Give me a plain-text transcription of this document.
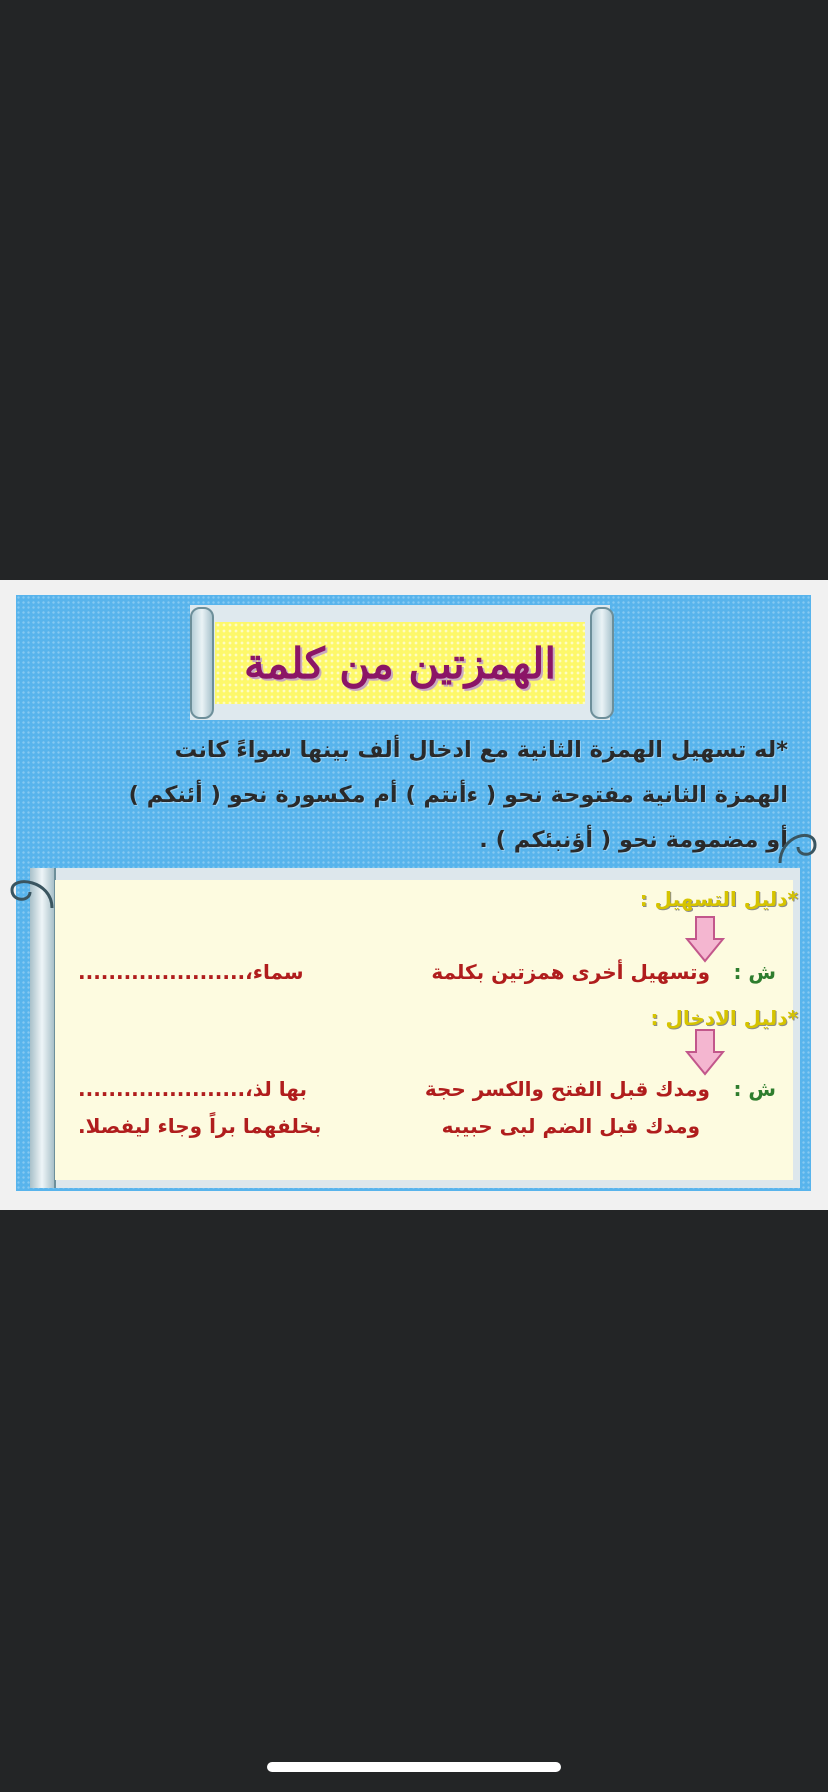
الهمزتين من كلمة
*له تسهيل الهمزة الثانية مع ادخال ألف بينها سواءً كانت
الهمزة الثانية مفتوحة نحو ( ءأنتم ) أم مكسورة نحو ( أئنكم )
أو مضمومة نحو ( أؤنبئكم ) .
*دليل التسهيل :
ش :
وتسهيل أخرى همزتين بكلمة
سماء،......................
*دليل الادخال :
ش :
ومدك قبل الفتح والكسر حجة
بها لذ،......................
ومدك قبل الضم لبى حبيبه
بخلفهما براً وجاء ليفصلا.
